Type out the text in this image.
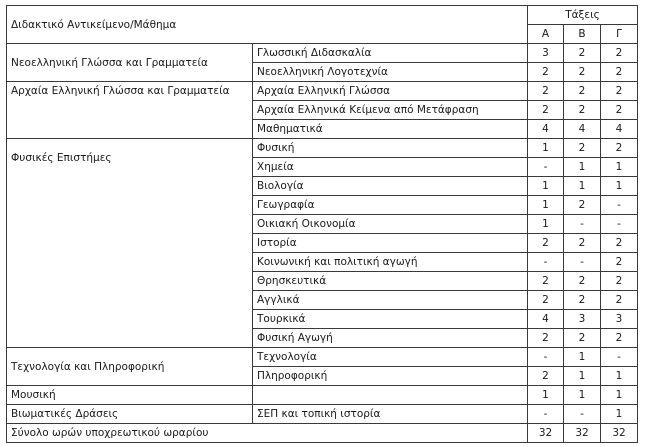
Διδακτικό Αντικείμενο/Μάθημα		Τάξεις		
		Α	Β	Γ
Νεοελληνική Γλώσσα και Γραμματεία	Γλωσσική Διδασκαλία	3	2	2
	Νεοελληνική Λογοτεχνία	2	2	2
Αρχαία Ελληνική Γλώσσα και Γραμματεία	Αρχαία Ελληνική Γλώσσα	2	2	2
	Αρχαία Ελληνικά Κείμενα από Μετάφραση	2	2	2
	Μαθηματικά	4	4	4
Φυσικές Επιστήμες	Φυσική	1	2	2
	Χημεία	-	1	1
	Βιολογία	1	1	1
	Γεωγραφία	1	2	-
	Οικιακή Οικονομία	1	-	-
	Ιστορία	2	2	2
	Κοινωνική και πολιτική αγωγή	-	-	2
	Θρησκευτικά	2	2	2
	Αγγλικά	2	2	2
	Τουρκικά	4	3	3
	Φυσική Αγωγή	2	2	2
Τεχνολογία και Πληροφορική	Τεχνολογία	-	1	-
	Πληροφορική	2	1	1
Μουσική		1	1	1
Βιωματικές Δράσεις	ΣΕΠ και τοπική ιστορία	-	-	1
Σύνολο ωρών υποχρεωτικού ωραρίου		32	32	32
